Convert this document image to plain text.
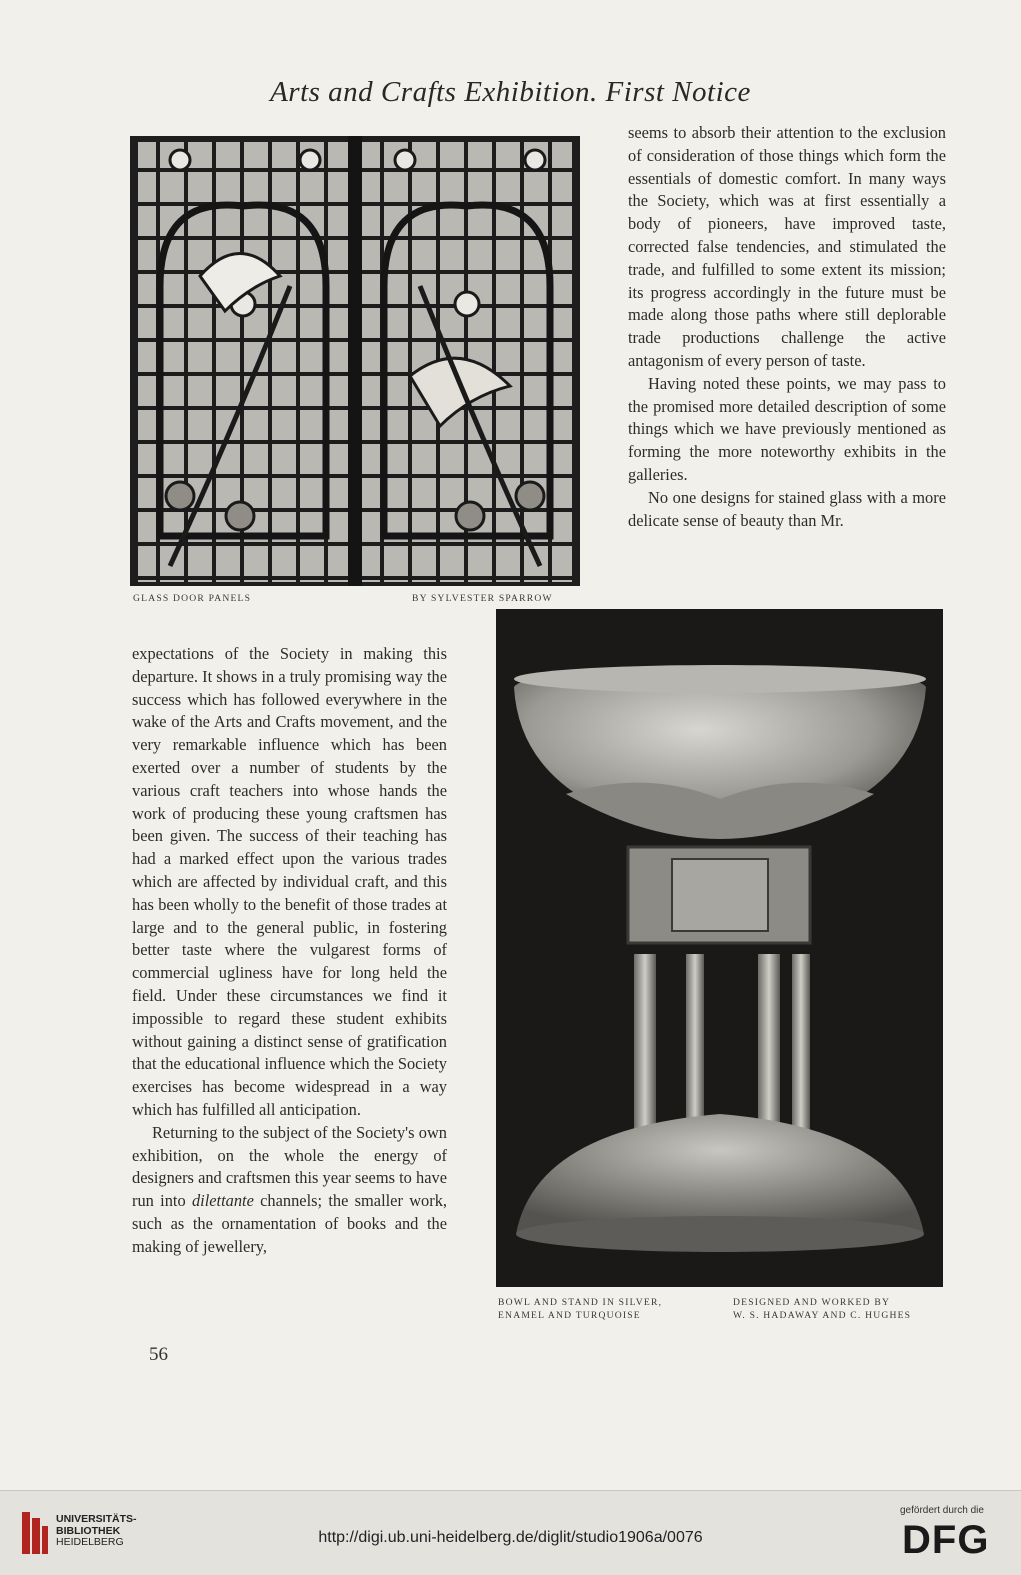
Arts and Crafts Exhibition. First Notice
GLASS DOOR PANELS	BY SYLVESTER SPARROW

seems to absorb their attention to the exclusion of consideration of those things which form the essentials of domestic comfort. In many ways the Society, which was at first essentially a body of pioneers, have improved taste, corrected false tendencies, and stimulated the trade, and fulfilled to some extent its mission; its progress accordingly in the future must be made along those paths where still deplorable trade productions challenge the active antagonism of every person of taste.

Having noted these points, we may pass to the promised more detailed description of some things which we have previously mentioned as forming the more noteworthy exhibits in the galleries.

No one designs for stained glass with a more delicate sense of beauty than Mr.

BOWL AND STAND IN SILVER,
ENAMEL AND TURQUOISE
DESIGNED AND WORKED BY
W. S. HADAWAY AND C. HUGHES

expectations of the Society in making this departure. It shows in a truly promising way the success which has followed everywhere in the wake of the Arts and Crafts movement, and the very remarkable influence which has been exerted over a number of students by the various craft teachers into whose hands the work of producing these young craftsmen has been given. The success of their teaching has had a marked effect upon the various trades which are affected by individual craft, and this has been wholly to the benefit of those trades at large and to the general public, in fostering better taste where the vulgarest forms of commercial ugliness have for long held the field. Under these circumstances we find it impossible to regard these student exhibits without gaining a distinct sense of gratification that the educational influence which the Society exercises has become widespread in a way which has fulfilled all anticipation.

Returning to the subject of the Society's own exhibition, on the whole the energy of designers and craftsmen this year seems to have run into dilettante channels; the smaller work, such as the ornamentation of books and the making of jewellery,

56
UNIVERSITÄTS-
BIBLIOTHEK
HEIDELBERG	http://digi.ub.uni-heidelberg.de/diglit/studio1906a/0076
gefördert durch die
DFG
